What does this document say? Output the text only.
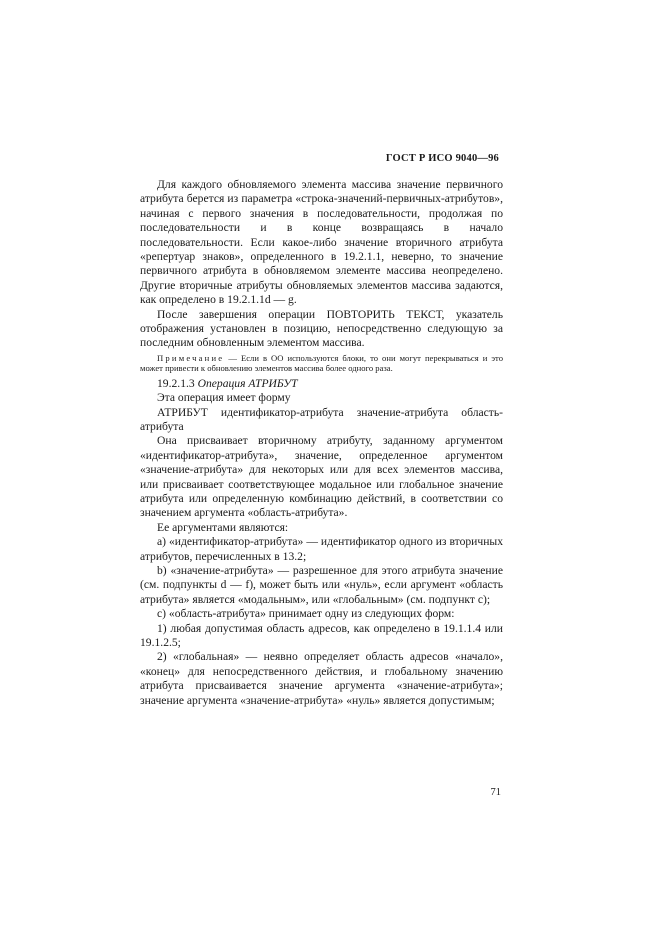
ГОСТ Р ИСО 9040—96

Для каждого обновляемого элемента массива значение первичного атрибута берется из параметра «строка-значений-первичных-атрибутов», начиная с первого значения в последовательности, продолжая по последовательности и в конце возвращаясь в начало последовательности. Если какое-либо значение вторичного атрибута «репертуар знаков», определенного в 19.2.1.1, неверно, то значение первичного атрибута в обновляемом элементе массива неопределено. Другие вторичные атрибуты обновляемых элементов массива задаются, как определено в 19.2.1.1d — g.

После завершения операции ПОВТОРИТЬ ТЕКСТ, указатель отображения установлен в позицию, непосредственно следующую за последним обновленным элементом массива.

Примечание — Если в ОО используются блоки, то они могут перекрываться и это может привести к обновлению элементов массива более одного раза.

19.2.1.3 Операция АТРИБУТ

Эта операция имеет форму

АТРИБУТ идентификатор-атрибута значение-атрибута область-атрибута

Она присваивает вторичному атрибуту, заданному аргументом «идентификатор-атрибута», значение, определенное аргументом «значение-атрибута» для некоторых или для всех элементов массива, или присваивает соответствующее модальное или глобальное значение атрибута или определенную комбинацию действий, в соответствии со значением аргумента «область-атрибута».

Ее аргументами являются:

a) «идентификатор-атрибута» — идентификатор одного из вторичных атрибутов, перечисленных в 13.2;

b) «значение-атрибута» — разрешенное для этого атрибута значение (см. подпункты d — f), может быть или «нуль», если аргумент «область атрибута» является «модальным», или «глобальным» (см. подпункт с);

c) «область-атрибута» принимает одну из следующих форм:

1) любая допустимая область адресов, как определено в 19.1.1.4 или 19.1.2.5;

2) «глобальная» — неявно определяет область адресов «начало», «конец» для непосредственного действия, и глобальному значению атрибута присваивается значение аргумента «значение-атрибута»; значение аргумента «значение-атрибута» «нуль» является допустимым;

71
